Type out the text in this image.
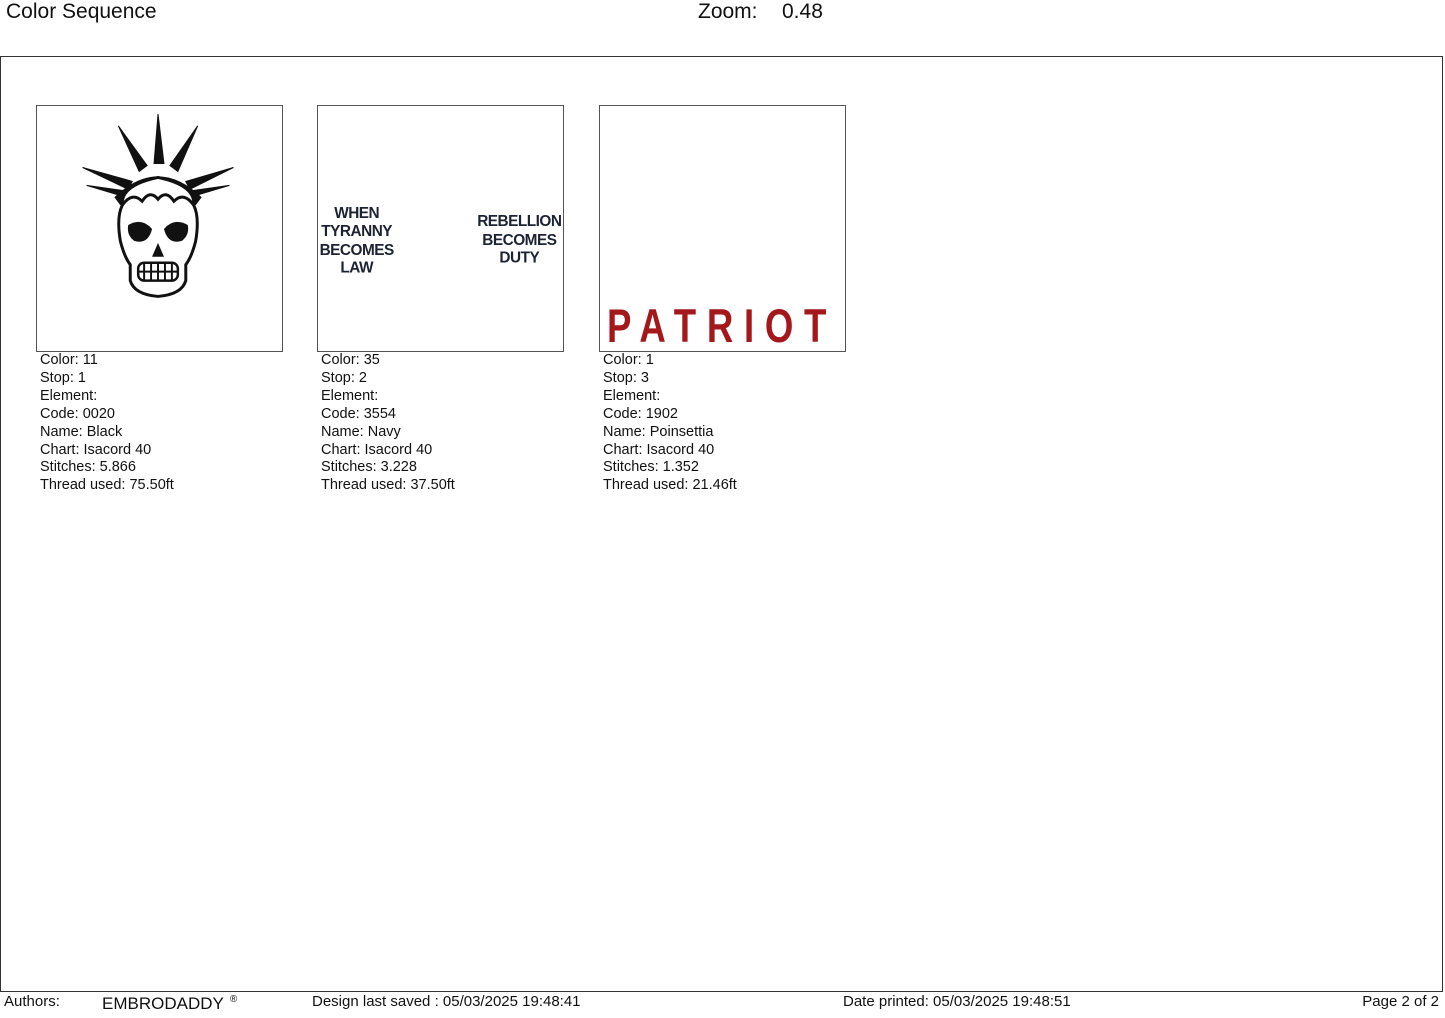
Color Sequence	Zoom: 0.48
WHEN
TYRANNY
BECOMES
LAW
REBELLION
BECOMES
DUTY
PATRIOT
Color: 11
Stop: 1
Element:
Code: 0020
Name: Black
Chart: Isacord 40
Stitches: 5.866
Thread used: 75.50ft
Color: 35
Stop: 2
Element:
Code: 3554
Name: Navy
Chart: Isacord 40
Stitches: 3.228
Thread used: 37.50ft
Color: 1
Stop: 3
Element:
Code: 1902
Name: Poinsettia
Chart: Isacord 40
Stitches: 1.352
Thread used: 21.46ft
Authors: EMBRODADDY ®	Design last saved : 05/03/2025 19:48:41	Date printed: 05/03/2025 19:48:51	Page 2 of 2
